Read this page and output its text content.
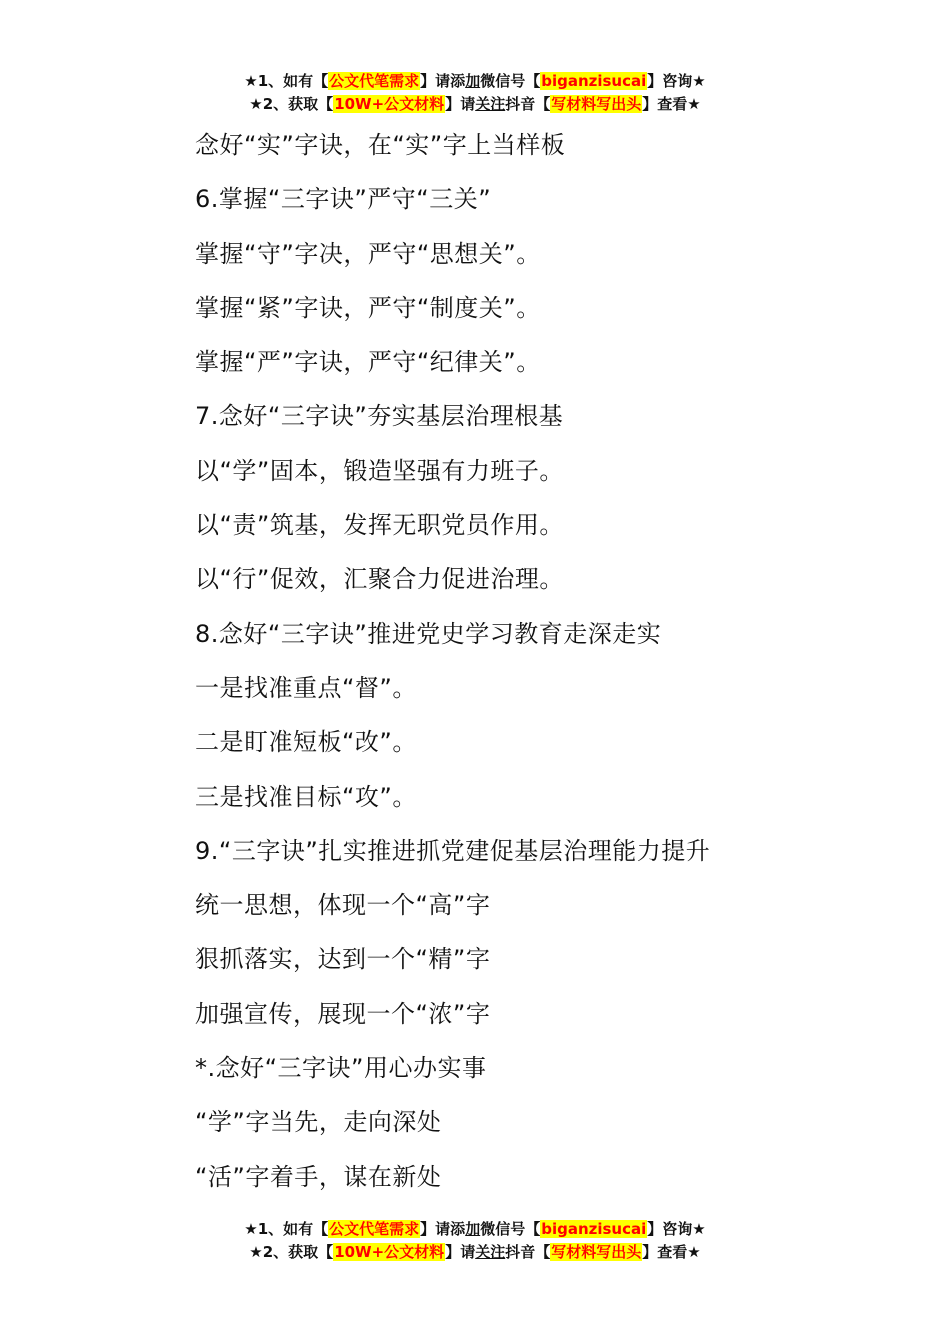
★1、如有【公文代笔需求】请添加微信号【biganzisucai】咨询★
★2、获取【10W+公文材料】请关注抖音【写材料写出头】查看★
念好“实”字诀，在“实”字上当样板
6.掌握“三字诀”严守“三关”
掌握“守”字决，严守“思想关”。
掌握“紧”字诀，严守“制度关”。
掌握“严”字诀，严守“纪律关”。
7.念好“三字诀”夯实基层治理根基
以“学”固本，锻造坚强有力班子。
以“责”筑基，发挥无职党员作用。
以“行”促效，汇聚合力促进治理。
8.念好“三字诀”推进党史学习教育走深走实
一是找准重点“督”。
二是盯准短板“改”。
三是找准目标“攻”。
9.“三字诀”扎实推进抓党建促基层治理能力提升
统一思想，体现一个“高”字
狠抓落实，达到一个“精”字
加强宣传，展现一个“浓”字
*.念好“三字诀”用心办实事
“学”字当先，走向深处
“活”字着手，谋在新处
★1、如有【公文代笔需求】请添加微信号【biganzisucai】咨询★
★2、获取【10W+公文材料】请关注抖音【写材料写出头】查看★
